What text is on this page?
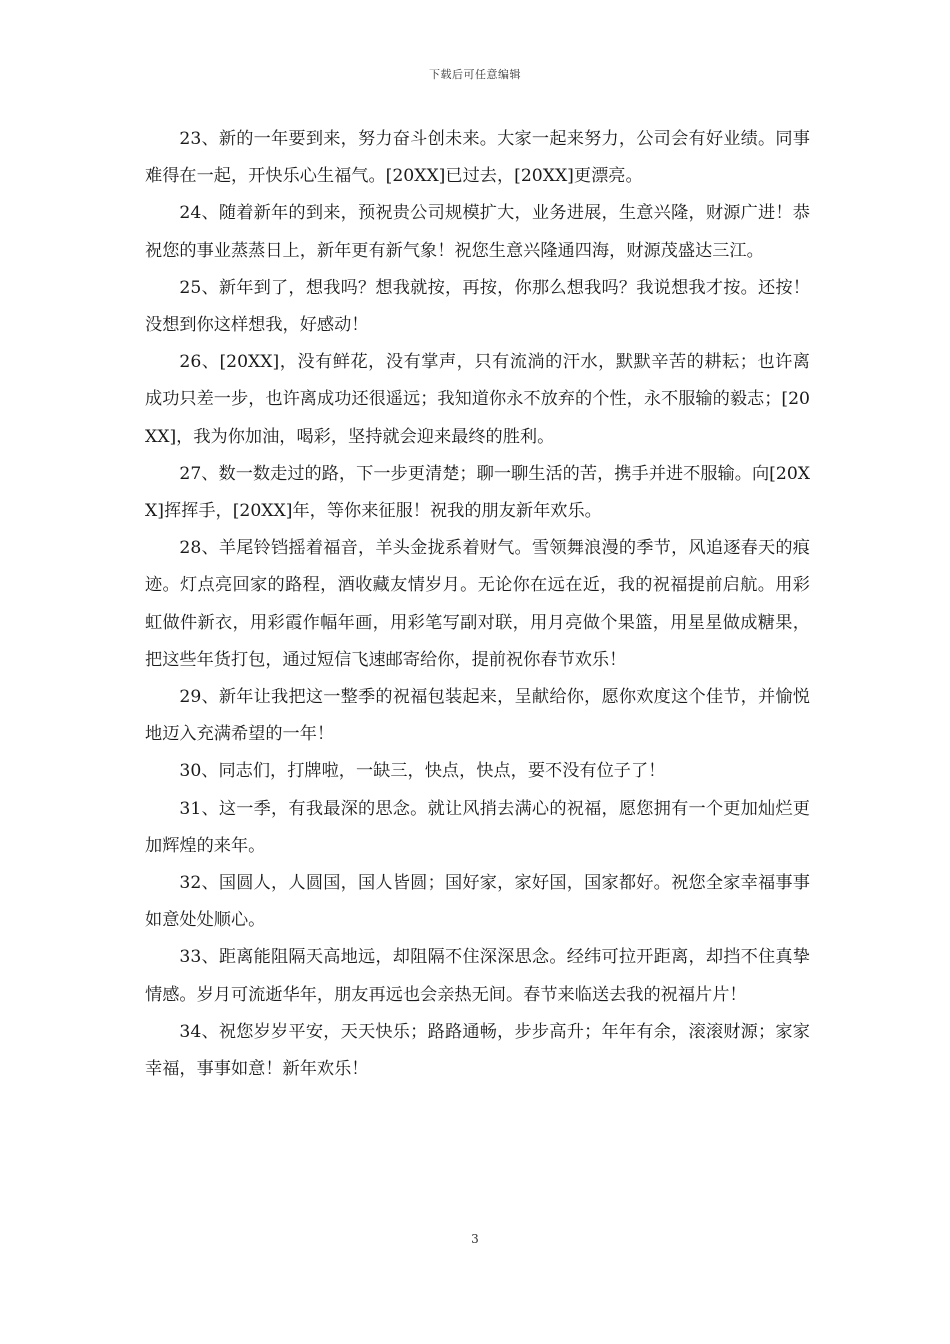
下载后可任意编辑

23、新的一年要到来，努力奋斗创未来。大家一起来努力，公司会有好业绩。同事难得在一起，开快乐心生福气。[20XX]已过去，[20XX]更漂亮。

24、随着新年的到来，预祝贵公司规模扩大，业务进展，生意兴隆，财源广进！恭祝您的事业蒸蒸日上，新年更有新气象！祝您生意兴隆通四海，财源茂盛达三江。

25、新年到了，想我吗？想我就按，再按，你那么想我吗？我说想我才按。还按！没想到你这样想我，好感动！

26、[20XX]，没有鲜花，没有掌声，只有流淌的汗水，默默辛苦的耕耘；也许离成功只差一步，也许离成功还很遥远；我知道你永不放弃的个性，永不服输的毅志；[20XX]，我为你加油，喝彩，坚持就会迎来最终的胜利。

27、数一数走过的路，下一步更清楚；聊一聊生活的苦，携手并进不服输。向[20XX]挥挥手，[20XX]年，等你来征服！祝我的朋友新年欢乐。

28、羊尾铃铛摇着福音，羊头金拢系着财气。雪领舞浪漫的季节，风追逐春天的痕迹。灯点亮回家的路程，酒收藏友情岁月。无论你在远在近，我的祝福提前启航。用彩虹做件新衣，用彩霞作幅年画，用彩笔写副对联，用月亮做个果篮，用星星做成糖果，把这些年货打包，通过短信飞速邮寄给你，提前祝你春节欢乐！

29、新年让我把这一整季的祝福包装起来，呈献给你，愿你欢度这个佳节，并愉悦地迈入充满希望的一年！

30、同志们，打牌啦，一缺三，快点，快点，要不没有位子了！

31、这一季，有我最深的思念。就让风捎去满心的祝福，愿您拥有一个更加灿烂更加辉煌的来年。

32、国圆人，人圆国，国人皆圆；国好家，家好国，国家都好。祝您全家幸福事事如意处处顺心。

33、距离能阻隔天高地远，却阻隔不住深深思念。经纬可拉开距离，却挡不住真挚情感。岁月可流逝华年，朋友再远也会亲热无间。春节来临送去我的祝福片片！

34、祝您岁岁平安，天天快乐；路路通畅，步步高升；年年有余，滚滚财源；家家幸福，事事如意！新年欢乐！

3
